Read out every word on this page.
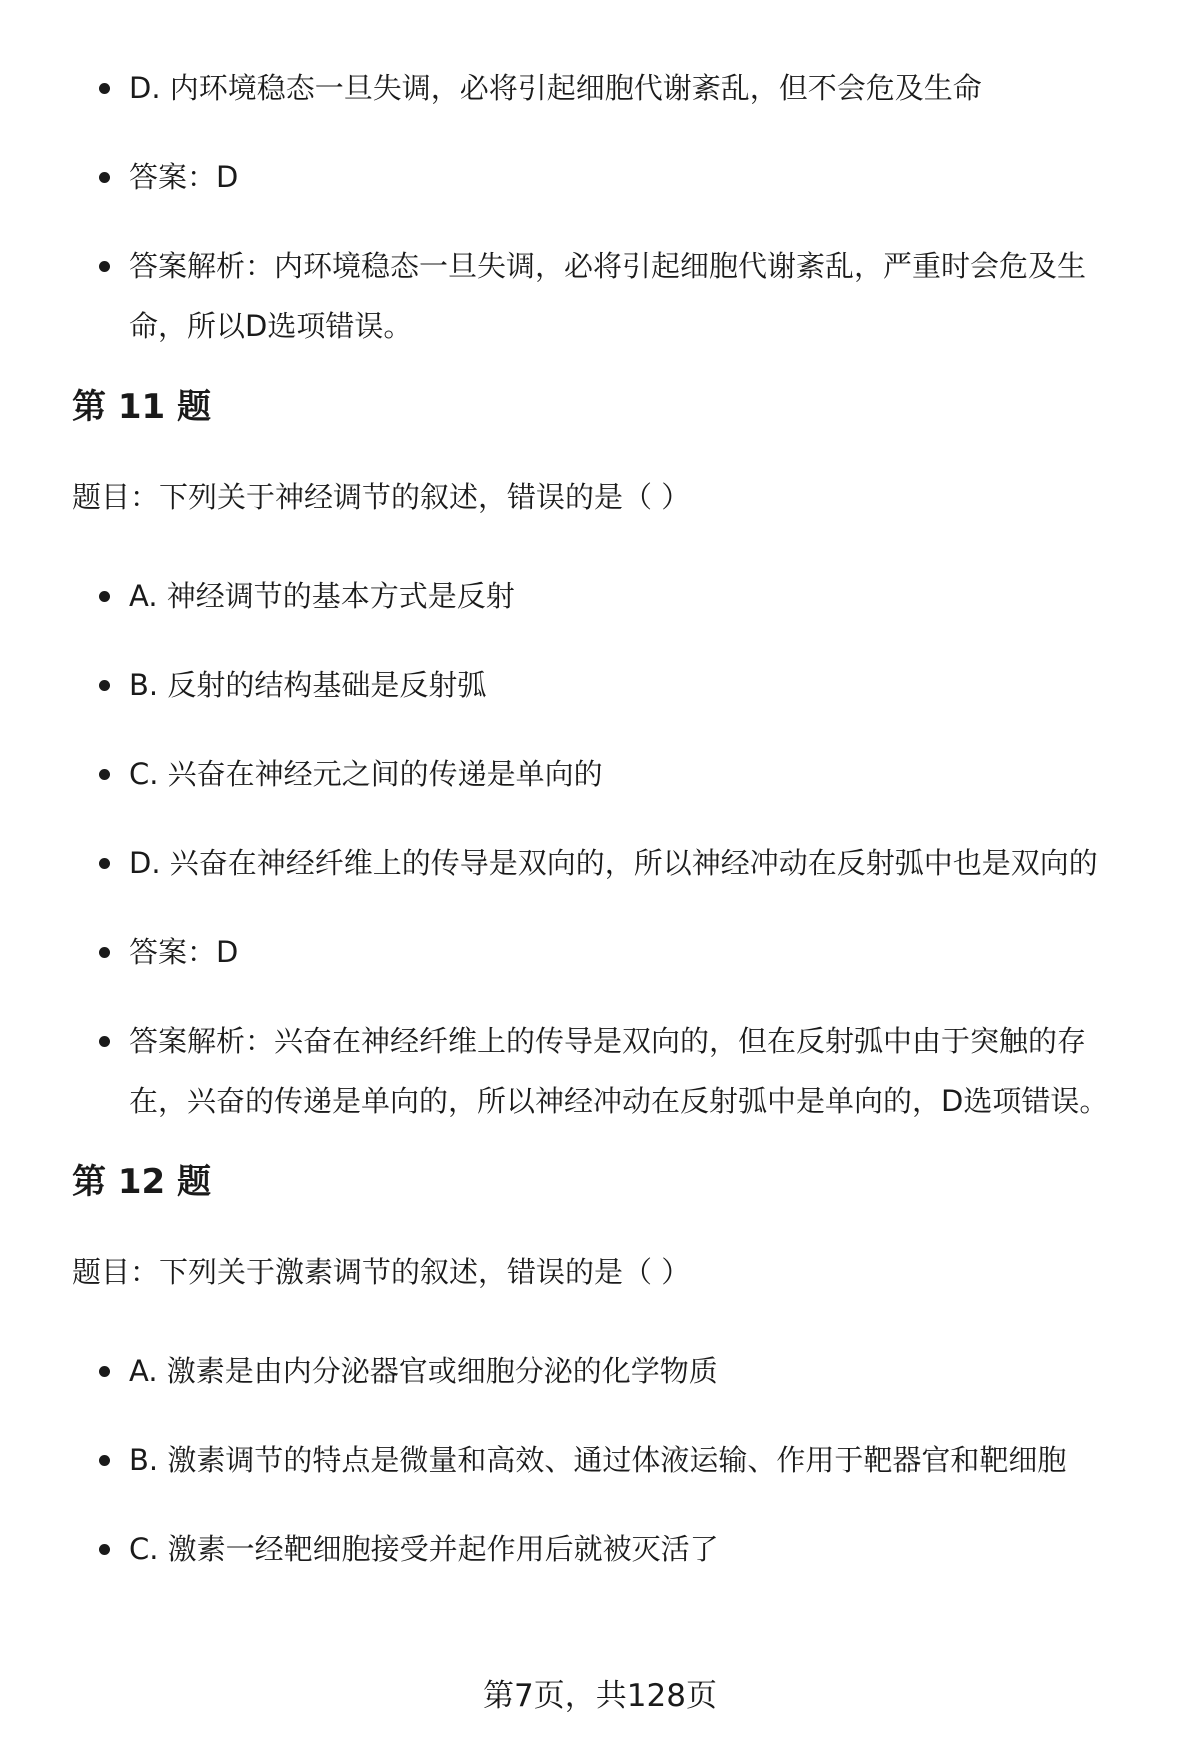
D. 内环境稳态一旦失调，必将引起细胞代谢紊乱，但不会危及生命
答案：D
答案解析：内环境稳态一旦失调，必将引起细胞代谢紊乱，严重时会危及生命，所以D选项错误。
第 11 题
题目：下列关于神经调节的叙述，错误的是（ ）
A. 神经调节的基本方式是反射
B. 反射的结构基础是反射弧
C. 兴奋在神经元之间的传递是单向的
D. 兴奋在神经纤维上的传导是双向的，所以神经冲动在反射弧中也是双向的
答案：D
答案解析：兴奋在神经纤维上的传导是双向的，但在反射弧中由于突触的存在，兴奋的传递是单向的，所以神经冲动在反射弧中是单向的，D选项错误。
第 12 题
题目：下列关于激素调节的叙述，错误的是（ ）
A. 激素是由内分泌器官或细胞分泌的化学物质
B. 激素调节的特点是微量和高效、通过体液运输、作用于靶器官和靶细胞
C. 激素一经靶细胞接受并起作用后就被灭活了
第7页，共128页
